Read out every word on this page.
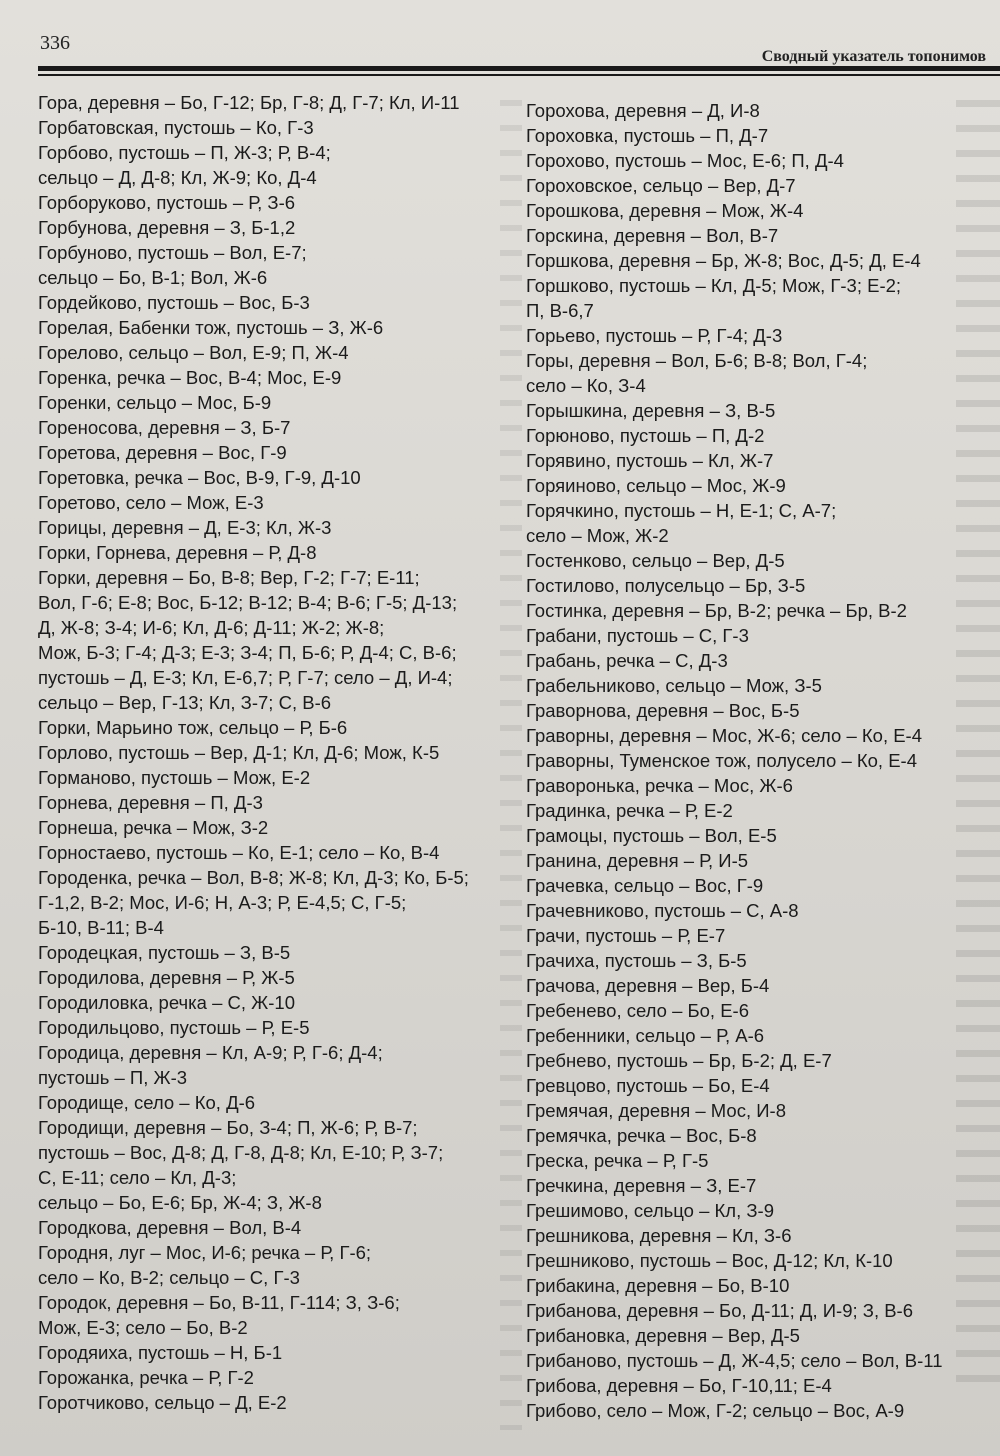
336
Сводный указатель топонимов
Гора, деревня – Бо, Г-12; Бр, Г-8; Д, Г-7; Кл, И-11
Горбатовская, пустошь – Ко, Г-3
Горбово, пустошь – П, Ж-3; Р, В-4;
сельцо – Д, Д-8; Кл, Ж-9; Ко, Д-4
Горборуково, пустошь – Р, З-6
Горбунова, деревня – З, Б-1,2
Горбуново, пустошь – Вол, Е-7;
сельцо – Бо, В-1; Вол, Ж-6
Гордейково, пустошь – Вос, Б-3
Горелая, Бабенки тож, пустошь – З, Ж-6
Горелово, сельцо – Вол, Е-9; П, Ж-4
Горенка, речка – Вос, В-4; Мос, Е-9
Горенки, сельцо – Мос, Б-9
Гореносова, деревня – З, Б-7
Горетова, деревня – Вос, Г-9
Горетовка, речка – Вос, В-9, Г-9, Д-10
Горетово, село – Мож, Е-3
Горицы, деревня – Д, Е-3; Кл, Ж-3
Горки, Горнева, деревня – Р, Д-8
Горки, деревня – Бо, В-8; Вер, Г-2; Г-7; Е-11;
Вол, Г-6; Е-8; Вос, Б-12; В-12; В-4; В-6; Г-5; Д-13;
Д, Ж-8; З-4; И-6; Кл, Д-6; Д-11; Ж-2; Ж-8;
Мож, Б-3; Г-4; Д-3; Е-3; З-4; П, Б-6; Р, Д-4; С, В-6;
пустошь – Д, Е-3; Кл, Е-6,7; Р, Г-7; село – Д, И-4;
сельцо – Вер, Г-13; Кл, З-7; С, В-6
Горки, Марьино тож, сельцо – Р, Б-6
Горлово, пустошь – Вер, Д-1; Кл, Д-6; Мож, К-5
Горманово, пустошь – Мож, Е-2
Горнева, деревня – П, Д-3
Горнеша, речка – Мож, З-2
Горностаево, пустошь – Ко, Е-1; село – Ко, В-4
Городенка, речка – Вол, В-8; Ж-8; Кл, Д-3; Ко, Б-5;
Г-1,2, В-2; Мос, И-6; Н, А-3; Р, Е-4,5; С, Г-5;
Б-10, В-11; В-4
Городецкая, пустошь – З, В-5
Городилова, деревня – Р, Ж-5
Городиловка, речка – С, Ж-10
Городильцово, пустошь – Р, Е-5
Городица, деревня – Кл, А-9; Р, Г-6; Д-4;
пустошь – П, Ж-3
Городище, село – Ко, Д-6
Городищи, деревня – Бо, З-4; П, Ж-6; Р, В-7;
пустошь – Вос, Д-8; Д, Г-8, Д-8; Кл, Е-10; Р, З-7;
С, Е-11; село – Кл, Д-3;
сельцо – Бо, Е-6; Бр, Ж-4; З, Ж-8
Городкова, деревня – Вол, В-4
Городня, луг – Мос, И-6; речка – Р, Г-6;
село – Ко, В-2; сельцо – С, Г-3
Городок, деревня – Бо, В-11, Г-114; З, З-6;
Мож, Е-3; село – Бо, В-2
Городяиха, пустошь – Н, Б-1
Горожанка, речка – Р, Г-2
Горотчиково, сельцо – Д, Е-2
Горохова, деревня – Д, И-8
Гороховка, пустошь – П, Д-7
Горохово, пустошь – Мос, Е-6; П, Д-4
Гороховское, сельцо – Вер, Д-7
Горошкова, деревня – Мож, Ж-4
Горскина, деревня – Вол, В-7
Горшкова, деревня – Бр, Ж-8; Вос, Д-5; Д, Е-4
Горшково, пустошь – Кл, Д-5; Мож, Г-3; Е-2;
П, В-6,7
Горьево, пустошь – Р, Г-4; Д-3
Горы, деревня – Вол, Б-6; В-8; Вол, Г-4;
село – Ко, З-4
Горышкина, деревня – З, В-5
Горюново, пустошь – П, Д-2
Горявино, пустошь – Кл, Ж-7
Горяиново, сельцо – Мос, Ж-9
Горячкино, пустошь – Н, Е-1; С, А-7;
село – Мож, Ж-2
Гостенково, сельцо – Вер, Д-5
Гостилово, полусельцо – Бр, З-5
Гостинка, деревня – Бр, В-2; речка – Бр, В-2
Грабани, пустошь – С, Г-3
Грабань, речка – С, Д-3
Грабельниково, сельцо – Мож, З-5
Граворнова, деревня – Вос, Б-5
Граворны, деревня – Мос, Ж-6; село – Ко, Е-4
Граворны, Туменское тож, полусело – Ко, Е-4
Граворонька, речка – Мос, Ж-6
Градинка, речка – Р, Е-2
Грамоцы, пустошь – Вол, Е-5
Гранина, деревня – Р, И-5
Грачевка, сельцо – Вос, Г-9
Грачевниково, пустошь – С, А-8
Грачи, пустошь – Р, Е-7
Грачиха, пустошь – З, Б-5
Грачова, деревня – Вер, Б-4
Гребенево, село – Бо, Е-6
Гребенники, сельцо – Р, А-6
Гребнево, пустошь – Бр, Б-2; Д, Е-7
Гревцово, пустошь – Бо, Е-4
Гремячая, деревня – Мос, И-8
Гремячка, речка – Вос, Б-8
Греска, речка – Р, Г-5
Гречкина, деревня – З, Е-7
Грешимово, сельцо – Кл, З-9
Грешникова, деревня – Кл, З-6
Грешниково, пустошь – Вос, Д-12; Кл, К-10
Грибакина, деревня – Бо, В-10
Грибанова, деревня – Бо, Д-11; Д, И-9; З, В-6
Грибановка, деревня – Вер, Д-5
Грибаново, пустошь – Д, Ж-4,5; село – Вол, В-11
Грибова, деревня – Бо, Г-10,11; Е-4
Грибово, село – Мож, Г-2; сельцо – Вос, А-9
